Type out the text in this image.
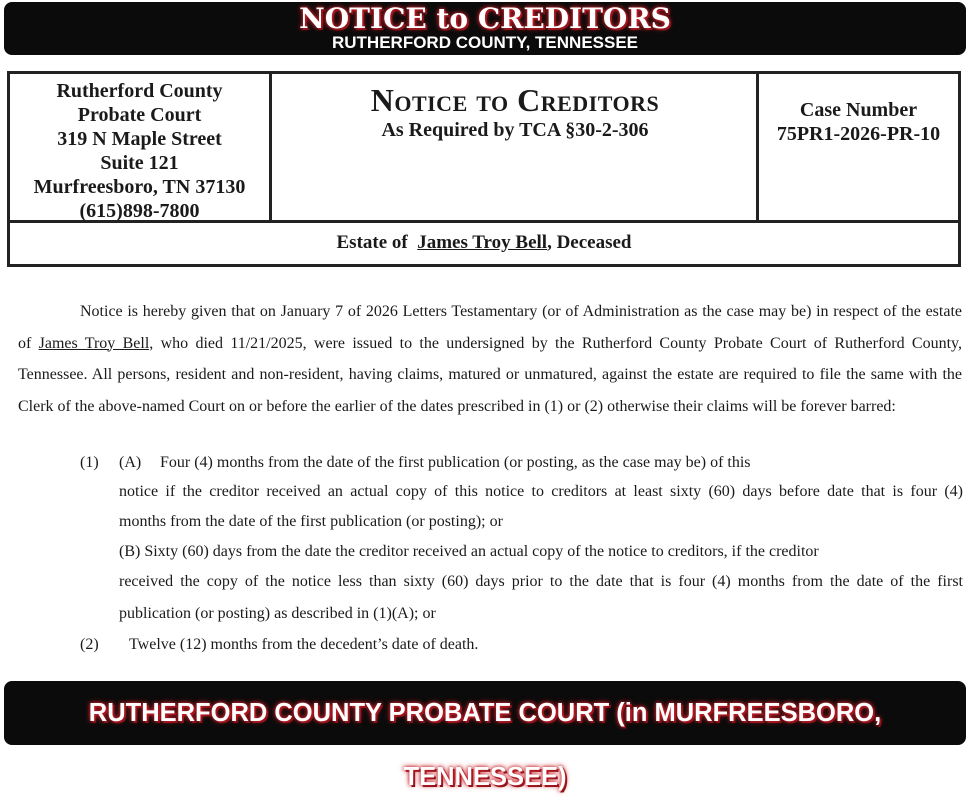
NOTICE to CREDITORS
RUTHERFORD COUNTY, TENNESSEE
Rutherford County
Probate Court
319 N Maple Street
Suite 121
Murfreesboro, TN 37130
(615)898-7800
Notice to Creditors
As Required by TCA §30-2-306
Case Number
75PR1-2026-PR-10
Estate of James Troy Bell, Deceased

Notice is hereby given that on January 7 of 2026 Letters Testamentary (or of Administration as the case may be) in respect of the estate of James Troy Bell, who died 11/21/2025, were issued to the undersigned by the Rutherford County Probate Court of Rutherford County, Tennessee. All persons, resident and non-resident, having claims, matured or unmatured, against the estate are required to file the same with the Clerk of the above-named Court on or before the earlier of the dates prescribed in (1) or (2) otherwise their claims will be forever barred:

(1) (A) Four (4) months from the date of the first publication (or posting, as the case may be) of this
notice if the creditor received an actual copy of this notice to creditors at least sixty (60) days before date that is four (4)
months from the date of the first publication (or posting); or
(B) Sixty (60) days from the date the creditor received an actual copy of the notice to creditors, if the creditor
received the copy of the notice less than sixty (60) days prior to the date that is four (4) months from the date of the first
publication (or posting) as described in (1)(A); or
(2) Twelve (12) months from the decedent’s date of death.
RUTHERFORD COUNTY PROBATE COURT (in MURFREESBORO, TENNESSEE)
